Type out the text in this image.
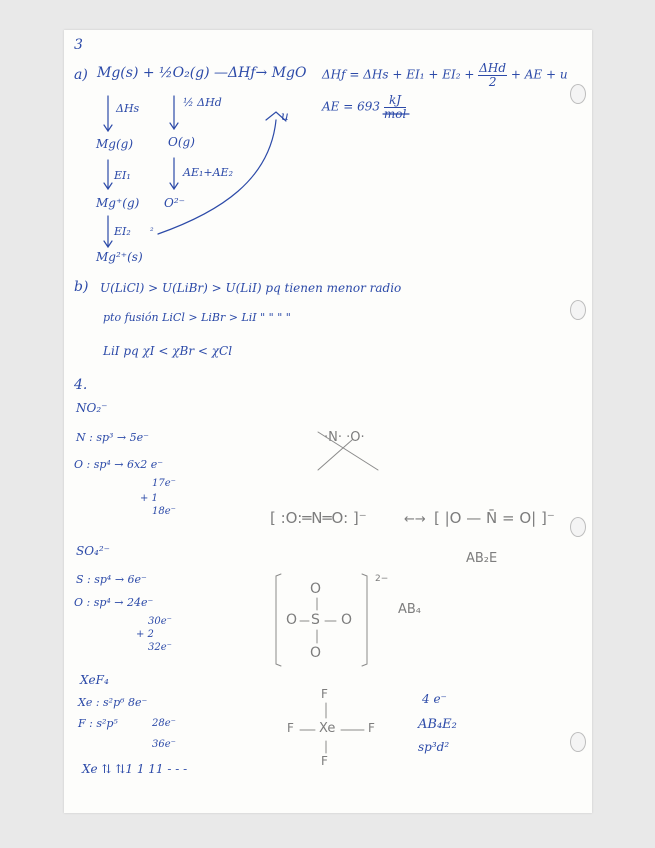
3
a) Mg(s) + ½O₂(g) —ΔHƒ→ MgO
ΔHs	½ ΔHd
Mg(g)	O(g)
EI₁	AE₁+AE₂
Mg⁺(g) O²⁻
EI₂ ²
Mg²⁺(s)
u
ΔHƒ = $\Delta Hs + EI_1 + EI_2 + \frac{\text{ΔHd}}{2}$ + AE + u
AE = $693 \frac{kJ}{\text{mol}}$
b) U(LiCl) > U(LiBr) > U(LiI) pq tienen menor radio
pto fusión LiCl > LiBr > LiI " " " "
LiI pq χI < χBr < χCl
4.
NO₂⁻
N : sp³ → 5e⁻
O : sp⁴ → 6x2 e⁻
17e⁻
+ 1
18e⁻
·N· ·O·
[ :O:═N═O: ]⁻	←→ [ |O — N̄ = O| ]⁻
AB₂E
SO₄²⁻
S : sp⁴ → 6e⁻
O : sp⁴ → 24e⁻
30e⁻
+ 2
32e⁻
O
O S O
O
2−
AB₄
XeF₄
Xe : s²p⁶ 8e⁻
F : s²p⁵	28e⁻
36e⁻
Xe ⇅ ⇅1 1 11 - - -
F
F Xe	F
F
4 e⁻
AB₄E₂
sp³d²
